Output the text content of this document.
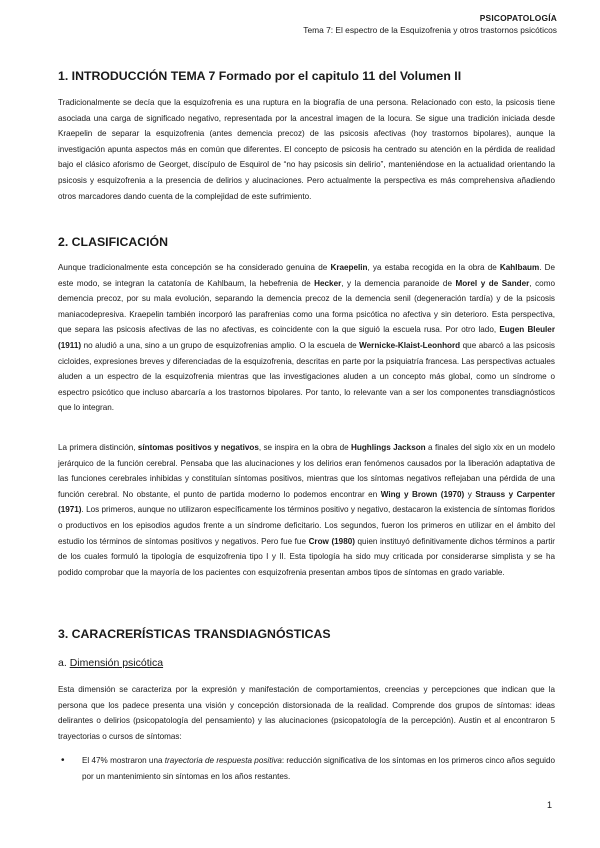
PSICOPATOLOGÍA
Tema 7: El espectro de la Esquizofrenia y otros trastornos psicóticos
1. INTRODUCCIÓN TEMA 7 Formado por el capitulo 11 del Volumen II

Tradicionalmente se decía que la esquizofrenia es una ruptura en la biografía de una persona. Relacionado con esto, la psicosis tiene asociada una carga de significado negativo, representada por la ancestral imagen de la locura. Se sigue una tradición iniciada desde Kraepelin de separar la esquizofrenia (antes demencia precoz) de las psicosis afectivas (hoy trastornos bipolares), aunque la investigación apunta aspectos más en común que diferentes. El concepto de psicosis ha centrado su atención en la pérdida de realidad bajo el clásico aforismo de Georget, discípulo de Esquirol de “no hay psicosis sin delirio”, manteniéndose en la actualidad orientando la psicosis y esquizofrenia a la presencia de delirios y alucinaciones. Pero actualmente la perspectiva es más comprehensiva añadiendo otros marcadores dando cuenta de la complejidad de este sufrimiento.

2. CLASIFICACIÓN

Aunque tradicionalmente esta concepción se ha considerado genuina de Kraepelin, ya estaba recogida en la obra de Kahlbaum. De este modo, se integran la catatonía de Kahlbaum, la hebefrenia de Hecker, y la demencia paranoide de Morel y de Sander, como demencia precoz, por su mala evolución, separando la demencia precoz de la demencia senil (degeneración tardía) y de la psicosis maniacodepresiva. Kraepelin también incorporó las parafrenias como una forma psicótica no afectiva y sin deterioro. Esta perspectiva, que separa las psicosis afectivas de las no afectivas, es coincidente con la que siguió la escuela rusa. Por otro lado, Eugen Bleuler (1911) no aludió a una, sino a un grupo de esquizofrenias amplio. O la escuela de Wernicke-Klaist-Leonhord que abarcó a las psicosis cicloides, expresiones breves y diferenciadas de la esquizofrenia, descritas en parte por la psiquiatría francesa. Las perspectivas actuales aluden a un espectro de la esquizofrenia mientras que las investigaciones aluden a un concepto más global, como un síndrome o espectro psicótico que incluso abarcaría a los trastornos bipolares. Por tanto, lo relevante van a ser los componentes transdiagnósticos que lo integran.

La primera distinción, síntomas positivos y negativos, se inspira en la obra de Hughlings Jackson a finales del siglo xix en un modelo jerárquico de la función cerebral. Pensaba que las alucinaciones y los delirios eran fenómenos causados por la liberación adaptativa de las funciones cerebrales inhibidas y constituían síntomas positivos, mientras que los síntomas negativos reflejaban una pérdida de una función cerebral. No obstante, el punto de partida moderno lo podemos encontrar en Wing y Brown (1970) y Strauss y Carpenter (1971). Los primeros, aunque no utilizaron específicamente los términos positivo y negativo, destacaron la existencia de síntomas floridos o productivos en los episodios agudos frente a un síndrome deficitario. Los segundos, fueron los primeros en utilizar en el ámbito del estudio los términos de síntomas positivos y negativos. Pero fue fue Crow (1980) quien instituyó definitivamente dichos términos a partir de los cuales formuló la tipología de esquizofrenia tipo I y II. Esta tipología ha sido muy criticada por considerarse simplista y se ha podido comprobar que la mayoría de los pacientes con esquizofrenia presentan ambos tipos de síntomas en grado variable.

3. CARACRERÍSTICAS TRANSDIAGNÓSTICAS
a. Dimensión psicótica

Esta dimensión se caracteriza por la expresión y manifestación de comportamientos, creencias y percepciones que indican que la persona que los padece presenta una visión y concepción distorsionada de la realidad. Comprende dos grupos de síntomas: ideas delirantes o delirios (psicopatología del pensamiento) y las alucinaciones (psicopatología de la percepción). Austin et al encontraron 5 trayectorias o cursos de síntomas:

• El 47% mostraron una trayectoria de respuesta positiva: reducción significativa de los síntomas en los primeros cinco años seguido por un mantenimiento sin síntomas en los años restantes.
1
